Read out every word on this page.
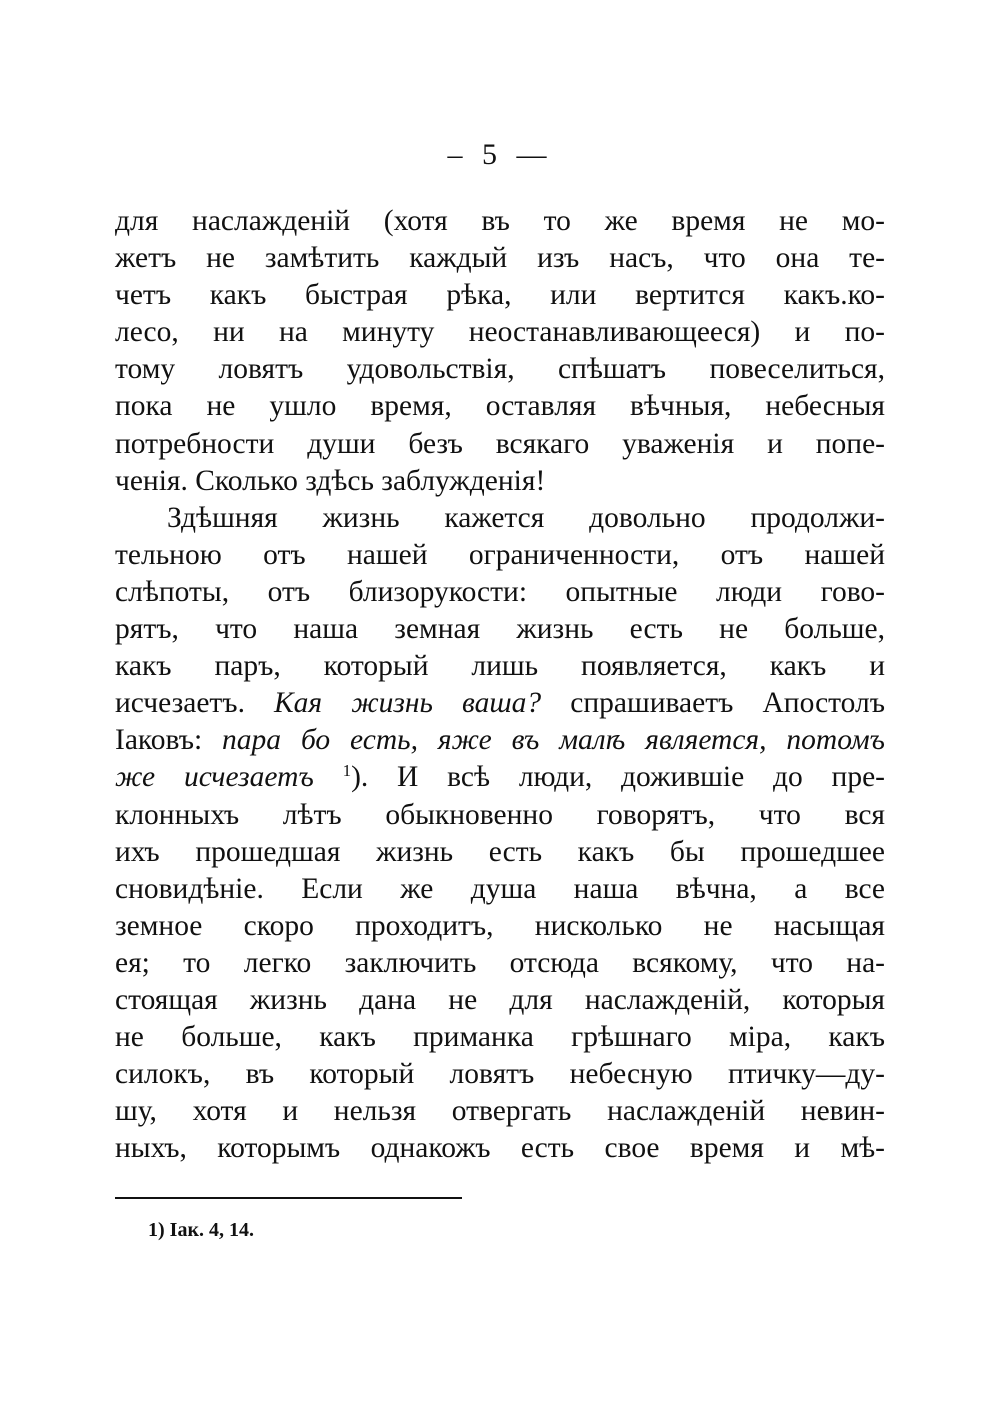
– 5 —
для наслажденій (хотя въ то же время не мо-
жетъ не замѣтить каждый изъ насъ, что она те-
четъ какъ быстрая рѣка, или вертится какъ.ко-
лесо, ни на минуту неостанавливающееся) и по-
тому ловятъ удовольствія, спѣшатъ повеселиться,
пока не ушло время, оставляя вѣчныя, небесныя
потребности души безъ всякаго уваженія и попе-
ченія. Сколько здѣсь заблужденія!
Здѣшняя жизнь кажется довольно продолжи-
тельною отъ нашей ограниченности, отъ нашей
слѣпоты, отъ близорукости: опытные люди гово-
рятъ, что наша земная жизнь есть не больше,
какъ паръ, который лишь появляется, какъ и
исчезаетъ. Кая жизнь ваша? спрашиваетъ Апостолъ
Іаковъ: пара бо есть, яже въ малѣ является, потомъ
же исчезаетъ $^1$). И всѣ люди, дожившіе до пре-
клонныхъ лѣтъ обыкновенно говорятъ, что вся
ихъ прошедшая жизнь есть какъ бы прошедшее
сновидѣніе. Если же душа наша вѣчна, а все
земное скоро проходитъ, нисколько не насыщая
ея; то легко заключить отсюда всякому, что на-
стоящая жизнь дана не для наслажденій, которыя
не больше, какъ приманка грѣшнаго міра, какъ
силокъ, въ который ловятъ небесную птичку—ду-
шу, хотя и нельзя отвергать наслажденій невин-
ныхъ, которымъ однакожъ есть свое время и мѣ-
1) Іак. 4, 14.
